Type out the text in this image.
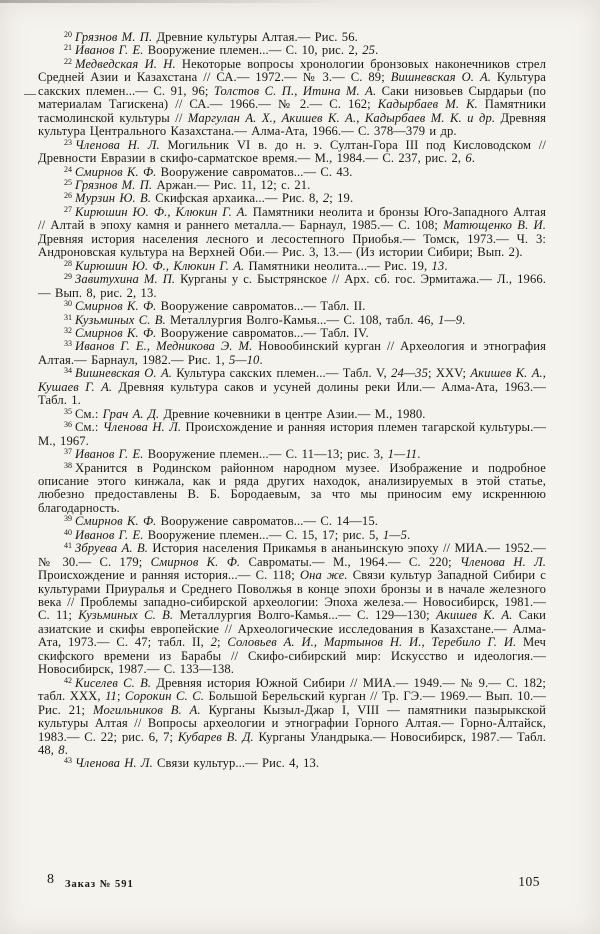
—

$^{20}$ Грязнов М. П. Древние культуры Алтая.— Рис. 56.

$^{21}$ Иванов Г. Е. Вооружение племен...— С. 10, рис. 2, 25.

$^{22}$ Медведская И. Н. Некоторые вопросы хронологии бронзовых наконечников стрел Средней Азии и Казахстана // СА.— 1972.— № 3.— С. 89; Вишневская О. А. Культура сакских племен...— С. 91, 96; Толстов С. П., Итина М. А. Саки низовьев Сырдарьи (по материалам Тагискена) // СА.— 1966.— № 2.— С. 162; Кадырбаев М. К. Памятники тасмолинской культуры // Маргулан А. Х., Акишев К. А., Кадырбаев М. К. и др. Древняя культура Центрального Казахстана.— Алма-Ата, 1966.— С. 378—379 и др.

$^{23}$ Членова Н. Л. Могильник VI в. до н. э. Султан-Гора III под Кисловодском // Древности Евразии в скифо-сарматское время.— М., 1984.— С. 237, рис. 2, 6.

$^{24}$ Смирнов К. Ф. Вооружение савроматов...— С. 43.

$^{25}$ Грязнов М. П. Аржан.— Рис. 11, 12; с. 21.

$^{26}$ Мурзин Ю. В. Скифская архаика...— Рис. 8, 2; 19.

$^{27}$ Кирюшин Ю. Ф., Клюкин Г. А. Памятники неолита и бронзы Юго-Западного Алтая // Алтай в эпоху камня и раннего металла.— Барнаул, 1985.— С. 108; Матющенко В. И. Древняя история населения лесного и лесостепного Приобья.— Томск, 1973.— Ч. 3: Андроновская культура на Верхней Оби.— Рис. 3, 13.— (Из истории Сибири; Вып. 2).

$^{28}$ Кирюшин Ю. Ф., Клюкин Г. А. Памятники неолита...— Рис. 19, 13.

$^{29}$ Завитухина М. П. Курганы у с. Быстрянское // Арх. сб. гос. Эрмитажа.— Л., 1966.— Вып. 8, рис. 2, 13.

$^{30}$ Смирнов К. Ф. Вооружение савроматов...— Табл. II.

$^{31}$ Кузьминых С. В. Металлургия Волго-Камья...— С. 108, табл. 46, 1—9.

$^{32}$ Смирнов К. Ф. Вооружение савроматов...— Табл. IV.

$^{33}$ Иванов Г. Е., Медникова Э. М. Новообинский курган // Археология и этнография Алтая.— Барнаул, 1982.— Рис. 1, 5—10.

$^{34}$ Вишневская О. А. Культура сакских племен...— Табл. V, 24—35; XXV; Акишев К. А., Кушаев Г. А. Древняя культура саков и усуней долины реки Или.— Алма-Ата, 1963.— Табл. 1.

$^{35}$ См.: Грач А. Д. Древние кочевники в центре Азии.— М., 1980.

$^{36}$ См.: Членова Н. Л. Происхождение и ранняя история племен тагарской культуры.— М., 1967.

$^{37}$ Иванов Г. Е. Вооружение племен...— С. 11—13; рис. 3, 1—11.

$^{38}$ Хранится в Родинском районном народном музее. Изображение и подробное описание этого кинжала, как и ряда других находок, анализируемых в этой статье, любезно предоставлены В. Б. Бородаевым, за что мы приносим ему искреннюю благодарность.

$^{39}$ Смирнов К. Ф. Вооружение савроматов...— С. 14—15.

$^{40}$ Иванов Г. Е. Вооружение племен...— С. 15, 17; рис. 5, 1—5.

$^{41}$ Збруева А. В. История населения Прикамья в ананьинскую эпоху // МИА.— 1952.— № 30.— С. 179; Смирнов К. Ф. Савроматы.— М., 1964.— С. 220; Членова Н. Л. Происхождение и ранняя история...— С. 118; Она же. Связи культур Западной Сибири с культурами Приуралья и Среднего Поволжья в конце эпохи бронзы и в начале железного века // Проблемы западно-сибирской археологии: Эпоха железа.— Новосибирск, 1981.— С. 11; Кузьминых С. В. Металлургия Волго-Камья...— С. 129—130; Акишев К. А. Саки азиатские и скифы европейские // Археологические исследования в Казахстане.— Алма-Ата, 1973.— С. 47; табл. II, 2; Соловьев А. И., Мартынов Н. И., Теребило Г. И. Меч скифского времени из Барабы // Скифо-сибирский мир: Искусство и идеология.— Новосибирск, 1987.— С. 133—138.

$^{42}$ Киселев С. В. Древняя история Южной Сибири // МИА.— 1949.— № 9.— С. 182; табл. XXX, 11; Сорокин С. С. Большой Берельский курган // Тр. ГЭ.— 1969.— Вып. 10.— Рис. 21; Могильников В. А. Курганы Кызыл-Джар I, VIII — памятники пазырыкской культуры Алтая // Вопросы археологии и этнографии Горного Алтая.— Горно-Алтайск, 1983.— С. 22; рис. 6, 7; Кубарев В. Д. Курганы Уландрыка.— Новосибирск, 1987.— Табл. 48, 8.

$^{43}$ Членова Н. Л. Связи культур...— Рис. 4, 13.

8 Заказ № 591	105
